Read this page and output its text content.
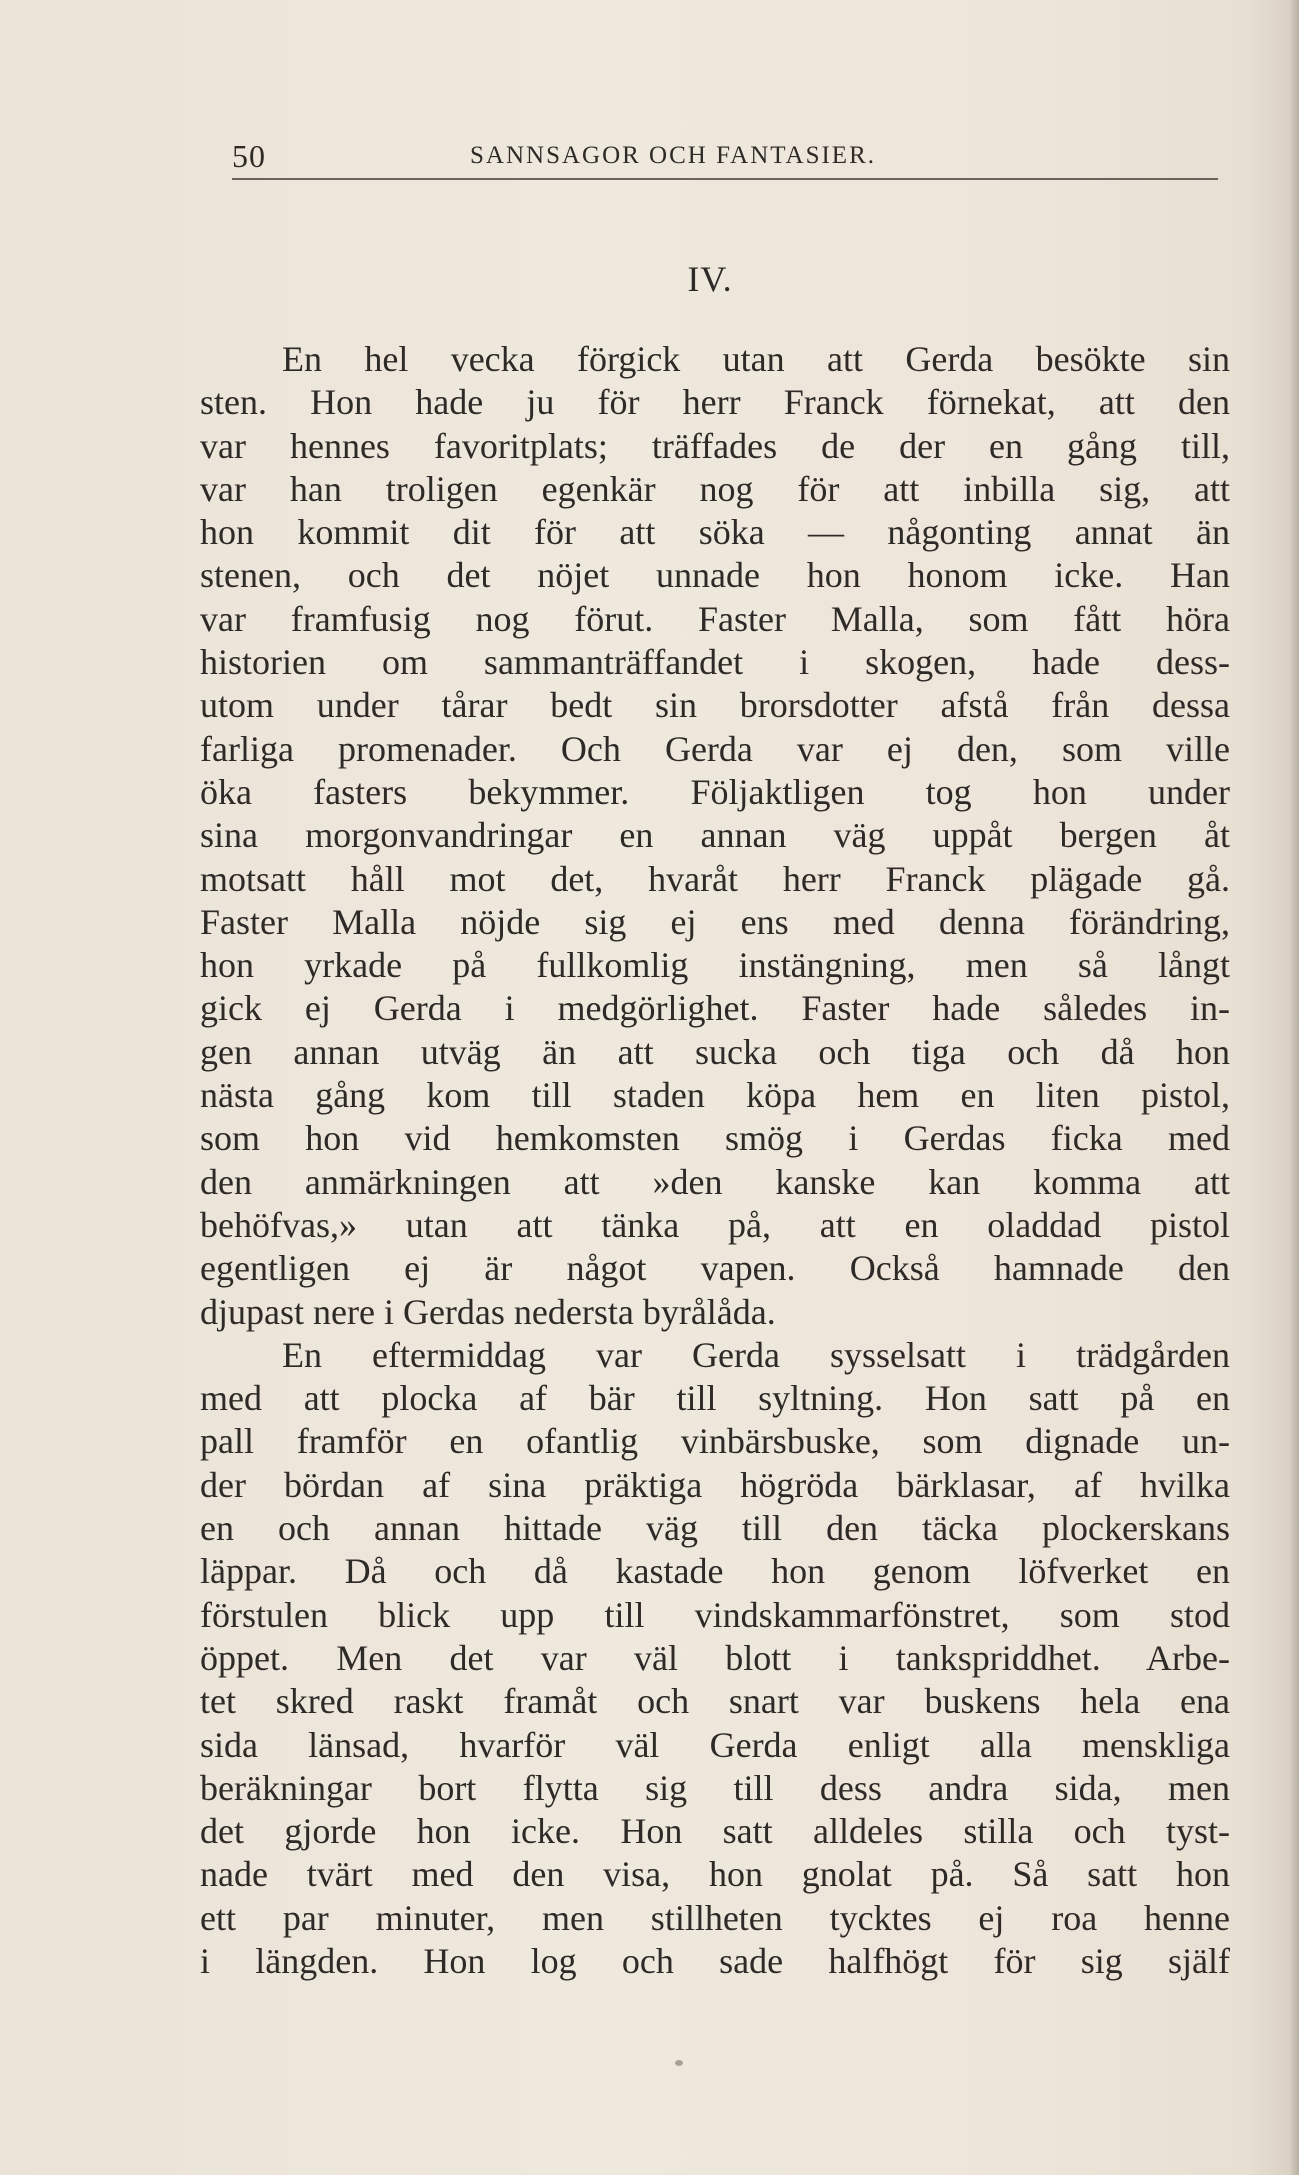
50	SANNSAGOR OCH FANTASIER.
IV.
En hel vecka förgick utan att Gerda besökte sin
sten. Hon hade ju för herr Franck förnekat, att den
var hennes favoritplats; träffades de der en gång till,
var han troligen egenkär nog för att inbilla sig, att
hon kommit dit för att söka — någonting annat än
stenen, och det nöjet unnade hon honom icke. Han
var framfusig nog förut. Faster Malla, som fått höra
historien om sammanträffandet i skogen, hade dess-
utom under tårar bedt sin brorsdotter afstå från dessa
farliga promenader. Och Gerda var ej den, som ville
öka fasters bekymmer. Följaktligen tog hon under
sina morgonvandringar en annan väg uppåt bergen åt
motsatt håll mot det, hvaråt herr Franck plägade gå.
Faster Malla nöjde sig ej ens med denna förändring,
hon yrkade på fullkomlig instängning, men så långt
gick ej Gerda i medgörlighet. Faster hade således in-
gen annan utväg än att sucka och tiga och då hon
nästa gång kom till staden köpa hem en liten pistol,
som hon vid hemkomsten smög i Gerdas ficka med
den anmärkningen att »den kanske kan komma att
behöfvas,» utan att tänka på, att en oladdad pistol
egentligen ej är något vapen. Också hamnade den
djupast nere i Gerdas nedersta byrålåda.
En eftermiddag var Gerda sysselsatt i trädgården
med att plocka af bär till syltning. Hon satt på en
pall framför en ofantlig vinbärsbuske, som dignade un-
der bördan af sina präktiga högröda bärklasar, af hvilka
en och annan hittade väg till den täcka plockerskans
läppar. Då och då kastade hon genom löfverket en
förstulen blick upp till vindskammarfönstret, som stod
öppet. Men det var väl blott i tankspriddhet. Arbe-
tet skred raskt framåt och snart var buskens hela ena
sida länsad, hvarför väl Gerda enligt alla menskliga
beräkningar bort flytta sig till dess andra sida, men
det gjorde hon icke. Hon satt alldeles stilla och tyst-
nade tvärt med den visa, hon gnolat på. Så satt hon
ett par minuter, men stillheten tycktes ej roa henne
i längden. Hon log och sade halfhögt för sig själf
